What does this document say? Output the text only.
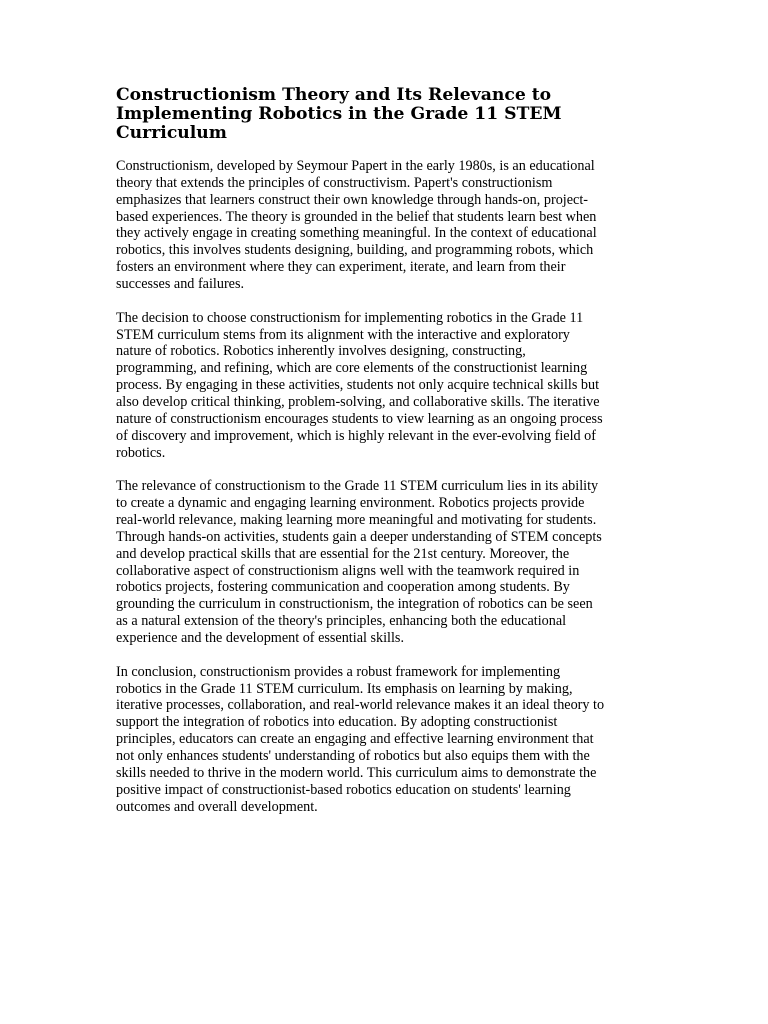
Constructionism Theory and Its Relevance to Implementing Robotics in the Grade 11 STEM Curriculum

Constructionism, developed by Seymour Papert in the early 1980s, is an educational
theory that extends the principles of constructivism. Papert's constructionism
emphasizes that learners construct their own knowledge through hands-on, project-
based experiences. The theory is grounded in the belief that students learn best when
they actively engage in creating something meaningful. In the context of educational
robotics, this involves students designing, building, and programming robots, which
fosters an environment where they can experiment, iterate, and learn from their
successes and failures.

The decision to choose constructionism for implementing robotics in the Grade 11
STEM curriculum stems from its alignment with the interactive and exploratory
nature of robotics. Robotics inherently involves designing, constructing,
programming, and refining, which are core elements of the constructionist learning
process. By engaging in these activities, students not only acquire technical skills but
also develop critical thinking, problem-solving, and collaborative skills. The iterative
nature of constructionism encourages students to view learning as an ongoing process
of discovery and improvement, which is highly relevant in the ever-evolving field of
robotics.

The relevance of constructionism to the Grade 11 STEM curriculum lies in its ability
to create a dynamic and engaging learning environment. Robotics projects provide
real-world relevance, making learning more meaningful and motivating for students.
Through hands-on activities, students gain a deeper understanding of STEM concepts
and develop practical skills that are essential for the 21st century. Moreover, the
collaborative aspect of constructionism aligns well with the teamwork required in
robotics projects, fostering communication and cooperation among students. By
grounding the curriculum in constructionism, the integration of robotics can be seen
as a natural extension of the theory's principles, enhancing both the educational
experience and the development of essential skills.

In conclusion, constructionism provides a robust framework for implementing
robotics in the Grade 11 STEM curriculum. Its emphasis on learning by making,
iterative processes, collaboration, and real-world relevance makes it an ideal theory to
support the integration of robotics into education. By adopting constructionist
principles, educators can create an engaging and effective learning environment that
not only enhances students' understanding of robotics but also equips them with the
skills needed to thrive in the modern world. This curriculum aims to demonstrate the
positive impact of constructionist-based robotics education on students' learning
outcomes and overall development.
